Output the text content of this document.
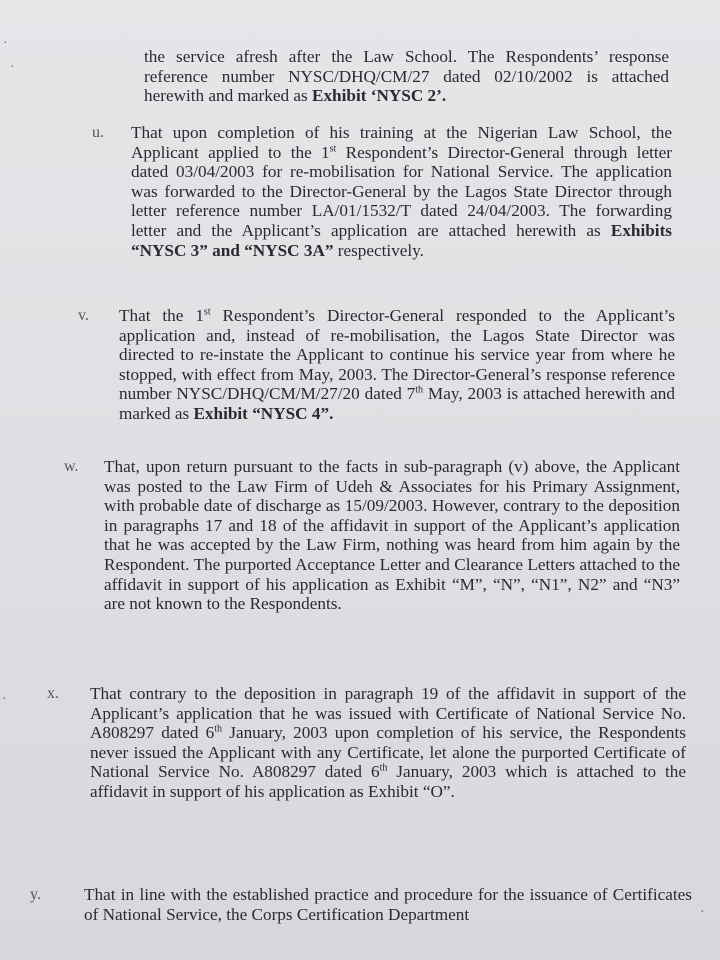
·
·
·
·

the service afresh after the Law School. The Respondents’ response reference number NYSC/DHQ/CM/27 dated 02/10/2002 is attached herewith and marked as Exhibit ‘NYSC 2’.

u. That upon completion of his training at the Nigerian Law School, the Applicant applied to the 1st Respondent’s Director-General through letter dated 03/04/2003 for re-mobilisation for National Service. The application was forwarded to the Director-General by the Lagos State Director through letter reference number LA/01/1532/T dated 24/04/2003. The forwarding letter and the Applicant’s application are attached herewith as Exhibits “NYSC 3” and “NYSC 3A” respectively.

v. That the 1st Respondent’s Director-General responded to the Applicant’s application and, instead of re-mobilisation, the Lagos State Director was directed to re-instate the Applicant to continue his service year from where he stopped, with effect from May, 2003. The Director-General’s response reference number NYSC/DHQ/CM/M/27/20 dated 7th May, 2003 is attached herewith and marked as Exhibit “NYSC 4”.

w. That, upon return pursuant to the facts in sub-paragraph (v) above, the Applicant was posted to the Law Firm of Udeh & Associates for his Primary Assignment, with probable date of discharge as 15/09/2003. However, contrary to the deposition in paragraphs 17 and 18 of the affidavit in support of the Applicant’s application that he was accepted by the Law Firm, nothing was heard from him again by the Respondent. The purported Acceptance Letter and Clearance Letters attached to the affidavit in support of his application as Exhibit “M”, “N”, “N1”, N2” and “N3” are not known to the Respondents.

x. That contrary to the deposition in paragraph 19 of the affidavit in support of the Applicant’s application that he was issued with Certificate of National Service No. A808297 dated 6th January, 2003 upon completion of his service, the Respondents never issued the Applicant with any Certificate, let alone the purported Certificate of National Service No. A808297 dated 6th January, 2003 which is attached to the affidavit in support of his application as Exhibit “O”.

y.	That in line with the established practice and procedure for the issuance of Certificates of National Service, the Corps Certification Department
